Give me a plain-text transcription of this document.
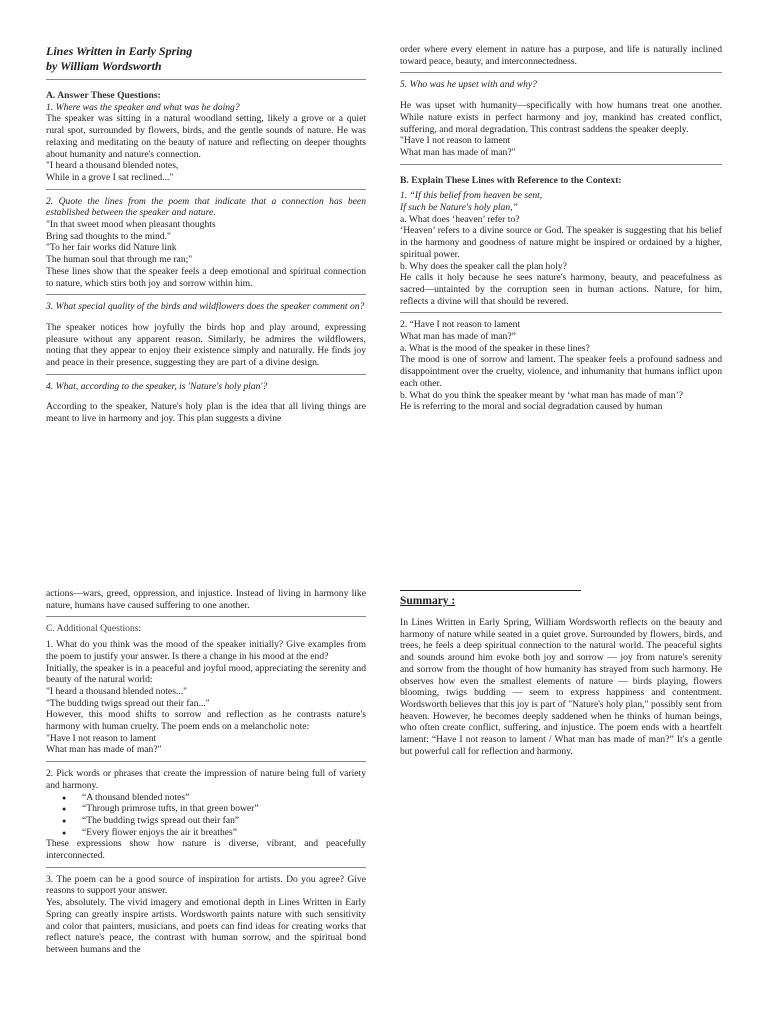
Lines Written in Early Spring
by William Wordsworth
A. Answer These Questions:
1. Where was the speaker and what was he doing?

The speaker was sitting in a natural woodland setting, likely a grove or a quiet rural spot, surrounded by flowers, birds, and the gentle sounds of nature. He was relaxing and meditating on the beauty of nature and reflecting on deeper thoughts about humanity and nature's connection.

"I heard a thousand blended notes,
While in a grove I sat reclined..."

2. Quote the lines from the poem that indicate that a connection has been established between the speaker and nature.

"In that sweet mood when pleasant thoughts
Bring sad thoughts to the mind."
"To her fair works did Nature link
The human soul that through me ran;"

These lines show that the speaker feels a deep emotional and spiritual connection to nature, which stirs both joy and sorrow within him.

3. What special quality of the birds and wildflowers does the speaker comment on?

The speaker notices how joyfully the birds hop and play around, expressing pleasure without any apparent reason. Similarly, he admires the wildflowers, noting that they appear to enjoy their existence simply and naturally. He finds joy and peace in their presence, suggesting they are part of a divine design.

4. What, according to the speaker, is 'Nature's holy plan'?

According to the speaker, Nature's holy plan is the idea that all living things are meant to live in harmony and joy. This plan suggests a divine

order where every element in nature has a purpose, and life is naturally inclined toward peace, beauty, and interconnectedness.

5. Who was he upset with and why?

He was upset with humanity—specifically with how humans treat one another. While nature exists in perfect harmony and joy, mankind has created conflict, suffering, and moral degradation. This contrast saddens the speaker deeply.

"Have I not reason to lament
What man has made of man?"
B. Explain These Lines with Reference to the Context:
1. “If this belief from heaven be sent,
If such be Nature's holy plan,”
a. What does ‘heaven’ refer to?

‘Heaven’ refers to a divine source or God. The speaker is suggesting that his belief in the harmony and goodness of nature might be inspired or ordained by a higher, spiritual power.

b. Why does the speaker call the plan holy?

He calls it holy because he sees nature's harmony, beauty, and peacefulness as sacred—untainted by the corruption seen in human actions. Nature, for him, reflects a divine will that should be revered.

2. “Have I not reason to lament
What man has made of man?”
a. What is the mood of the speaker in these lines?

The mood is one of sorrow and lament. The speaker feels a profound sadness and disappointment over the cruelty, violence, and inhumanity that humans inflict upon each other.

b. What do you think the speaker meant by ‘what man has made of man’?

He is referring to the moral and social degradation caused by human

actions—wars, greed, oppression, and injustice. Instead of living in harmony like nature, humans have caused suffering to one another.

C. Additional Questions:

1. What do you think was the mood of the speaker initially? Give examples from the poem to justify your answer. Is there a change in his mood at the end?

Initially, the speaker is in a peaceful and joyful mood, appreciating the serenity and beauty of the natural world:

"I heard a thousand blended notes..."
"The budding twigs spread out their fan..."

However, this mood shifts to sorrow and reflection as he contrasts nature's harmony with human cruelty. The poem ends on a melancholic note:

"Have I not reason to lament
What man has made of man?"

2. Pick words or phrases that create the impression of nature being full of variety and harmony.

● “A thousand blended notes”
● “Through primrose tufts, in that green bower”
● “The budding twigs spread out their fan”
● “Every flower enjoys the air it breathes”

These expressions show how nature is diverse, vibrant, and peacefully interconnected.

3. The poem can be a good source of inspiration for artists. Do you agree? Give reasons to support your answer.

Yes, absolutely. The vivid imagery and emotional depth in Lines Written in Early Spring can greatly inspire artists. Wordsworth paints nature with such sensitivity and color that painters, musicians, and poets can find ideas for creating works that reflect nature's peace, the contrast with human sorrow, and the spiritual bond between humans and the

Summary :

In Lines Written in Early Spring, William Wordsworth reflects on the beauty and harmony of nature while seated in a quiet grove. Surrounded by flowers, birds, and trees, he feels a deep spiritual connection to the natural world. The peaceful sights and sounds around him evoke both joy and sorrow — joy from nature's serenity and sorrow from the thought of how humanity has strayed from such harmony. He observes how even the smallest elements of nature — birds playing, flowers blooming, twigs budding — seem to express happiness and contentment. Wordsworth believes that this joy is part of "Nature's holy plan," possibly sent from heaven. However, he becomes deeply saddened when he thinks of human beings, who often create conflict, suffering, and injustice. The poem ends with a heartfelt lament: “Have I not reason to lament / What man has made of man?” It's a gentle but powerful call for reflection and harmony.
